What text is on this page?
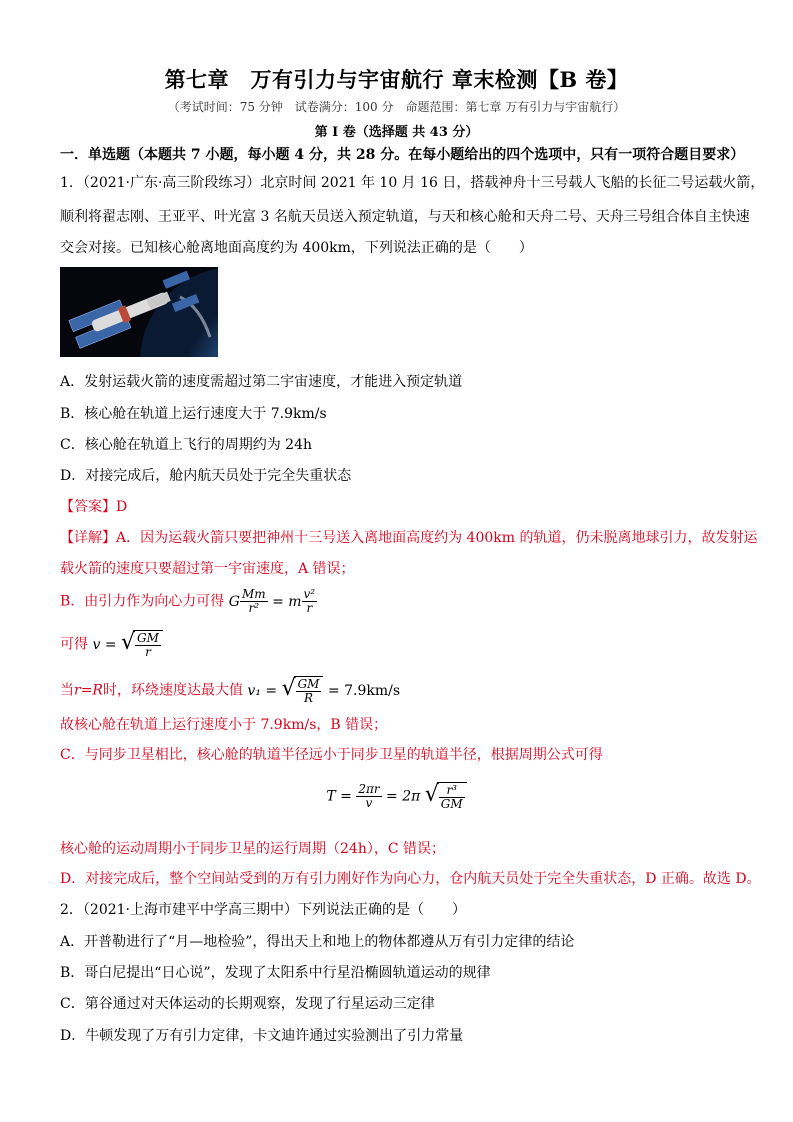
第七章　万有引力与宇宙航行 章末检测【B 卷】
（考试时间：75 分钟　试卷满分：100 分　命题范围：第七章 万有引力与宇宙航行）
第 I 卷（选择题 共 43 分）
一．单选题（本题共 7 小题，每小题 4 分，共 28 分。在每小题给出的四个选项中，只有一项符合题目要求）
1．（2021·广东·高三阶段练习）北京时间 2021 年 10 月 16 日，搭载神舟十三号载人飞船的长征二号运载火箭，
顺利将翟志刚、王亚平、叶光富 3 名航天员送入预定轨道，与天和核心舱和天舟二号、天舟三号组合体自主快速
交会对接。已知核心舱离地面高度约为 400km，下列说法正确的是（　　）
A．发射运载火箭的速度需超过第二宇宙速度，才能进入预定轨道
B．核心舱在轨道上运行速度大于 7.9km/s
C．核心舱在轨道上飞行的周期约为 24h
D．对接完成后，舱内航天员处于完全失重状态
【答案】D
【详解】A．因为运载火箭只要把神州十三号送入离地面高度约为 400km 的轨道，仍未脱离地球引力，故发射运
载火箭的速度只要超过第一宇宙速度，A 错误；
B．由引力作为向心力可得 G $\frac{Mm}{\text{r²}} = m \frac{\text{v²}}{r}$
可得 v = √ $\frac{GM}{r}$
当r=R时，环绕速度达最大值 v₁ = √ $\frac{GM}{R} = 7.9km/s$
故核心舱在轨道上运行速度小于 7.9km/s，B 错误；
C．与同步卫星相比，核心舱的轨道半径远小于同步卫星的轨道半径，根据周期公式可得
$T = \frac{2\pi r}{v} = 2\pi$ √ $\frac{\text{r³}}{GM}$
核心舱的运动周期小于同步卫星的运行周期（24h），C 错误；
D．对接完成后，整个空间站受到的万有引力刚好作为向心力，仓内航天员处于完全失重状态，D 正确。故选 D。
2．（2021·上海市建平中学高三期中）下列说法正确的是（　　）
A．开普勒进行了“月—地检验”，得出天上和地上的物体都遵从万有引力定律的结论
B．哥白尼提出“日心说”，发现了太阳系中行星沿椭圆轨道运动的规律
C．第谷通过对天体运动的长期观察，发现了行星运动三定律
D．牛顿发现了万有引力定律，卡文迪许通过实验测出了引力常量
